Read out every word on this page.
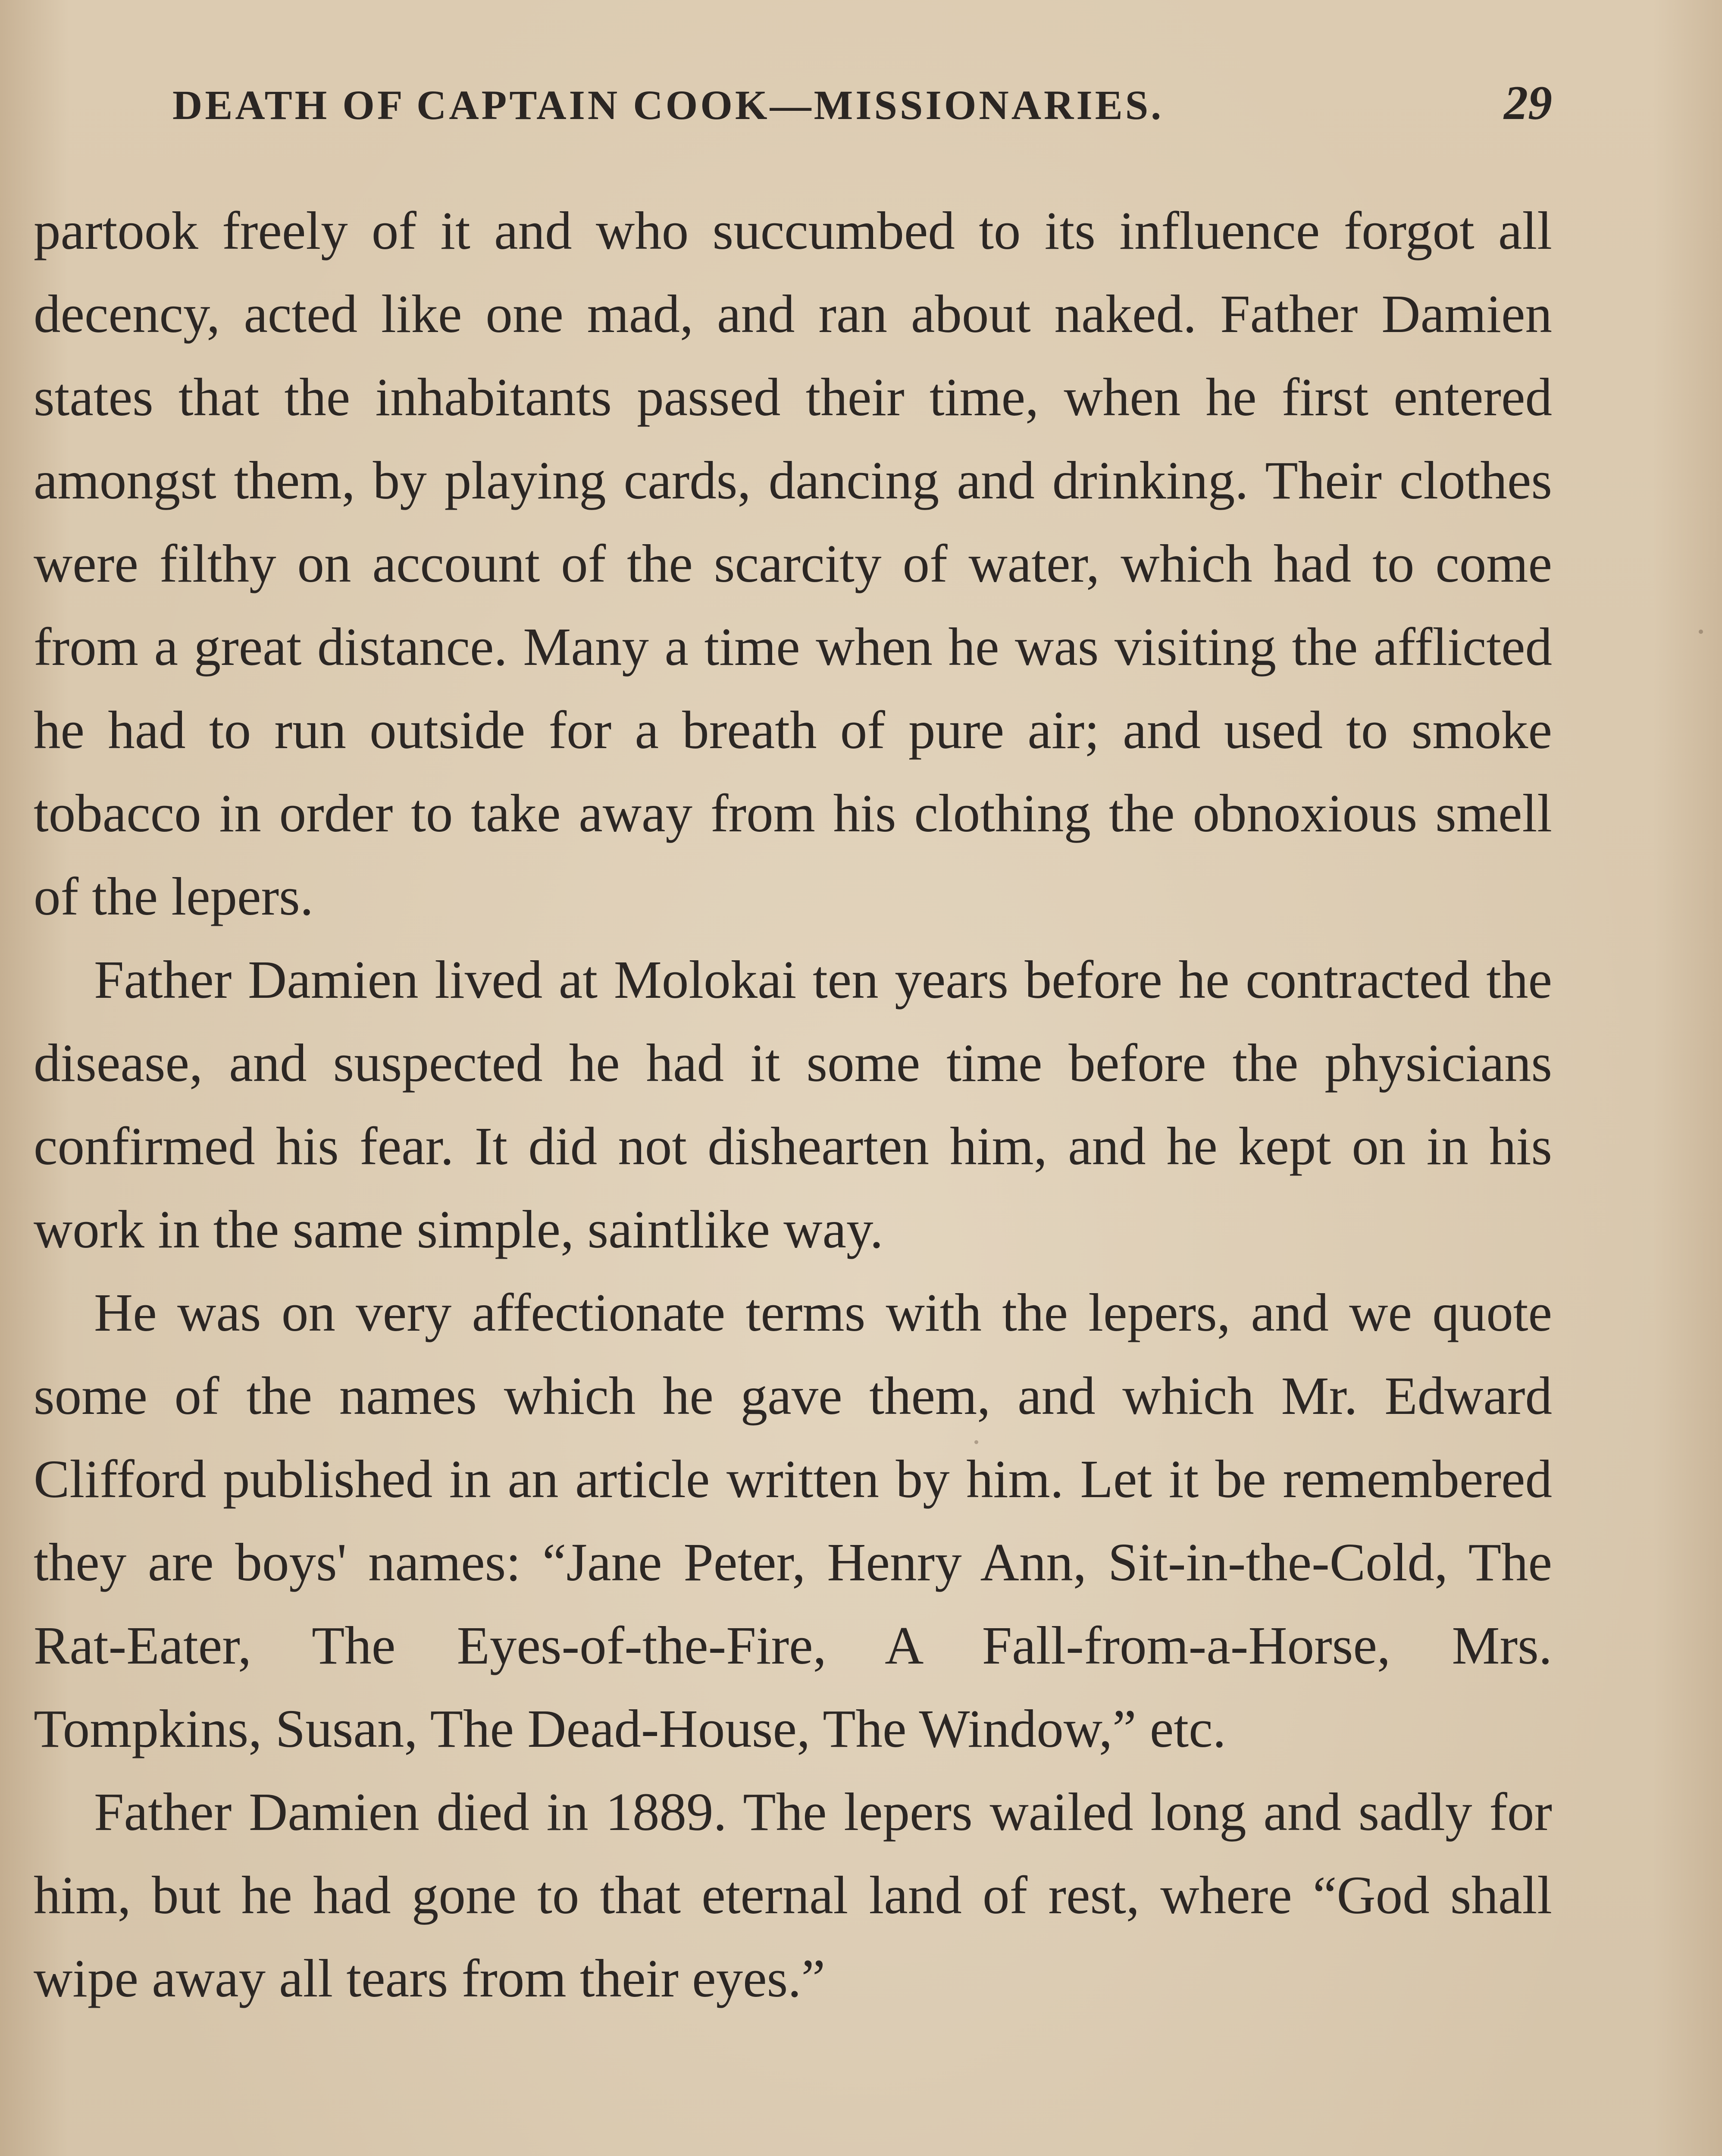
DEATH OF CAPTAIN COOK—MISSIONARIES.	29

partook freely of it and who succumbed to its influence forgot all decency, acted like one mad, and ran about naked. Father Damien states that the inhabitants passed their time, when he first entered amongst them, by playing cards, dancing and drinking. Their clothes were filthy on account of the scarcity of water, which had to come from a great distance. Many a time when he was visiting the afflicted he had to run outside for a breath of pure air; and used to smoke tobacco in order to take away from his clothing the obnoxious smell of the lepers.

Father Damien lived at Molokai ten years before he contracted the disease, and suspected he had it some time before the physicians confirmed his fear. It did not dishearten him, and he kept on in his work in the same simple, saintlike way.

He was on very affectionate terms with the lepers, and we quote some of the names which he gave them, and which Mr. Edward Clifford published in an article written by him. Let it be remembered they are boys' names: “Jane Peter, Henry Ann, Sit-in-the-Cold, The Rat-Eater, The Eyes-of-the-Fire, A Fall-from-a-Horse, Mrs. Tompkins, Susan, The Dead-House, The Window,” etc.

Father Damien died in 1889. The lepers wailed long and sadly for him, but he had gone to that eternal land of rest, where “God shall wipe away all tears from their eyes.”
